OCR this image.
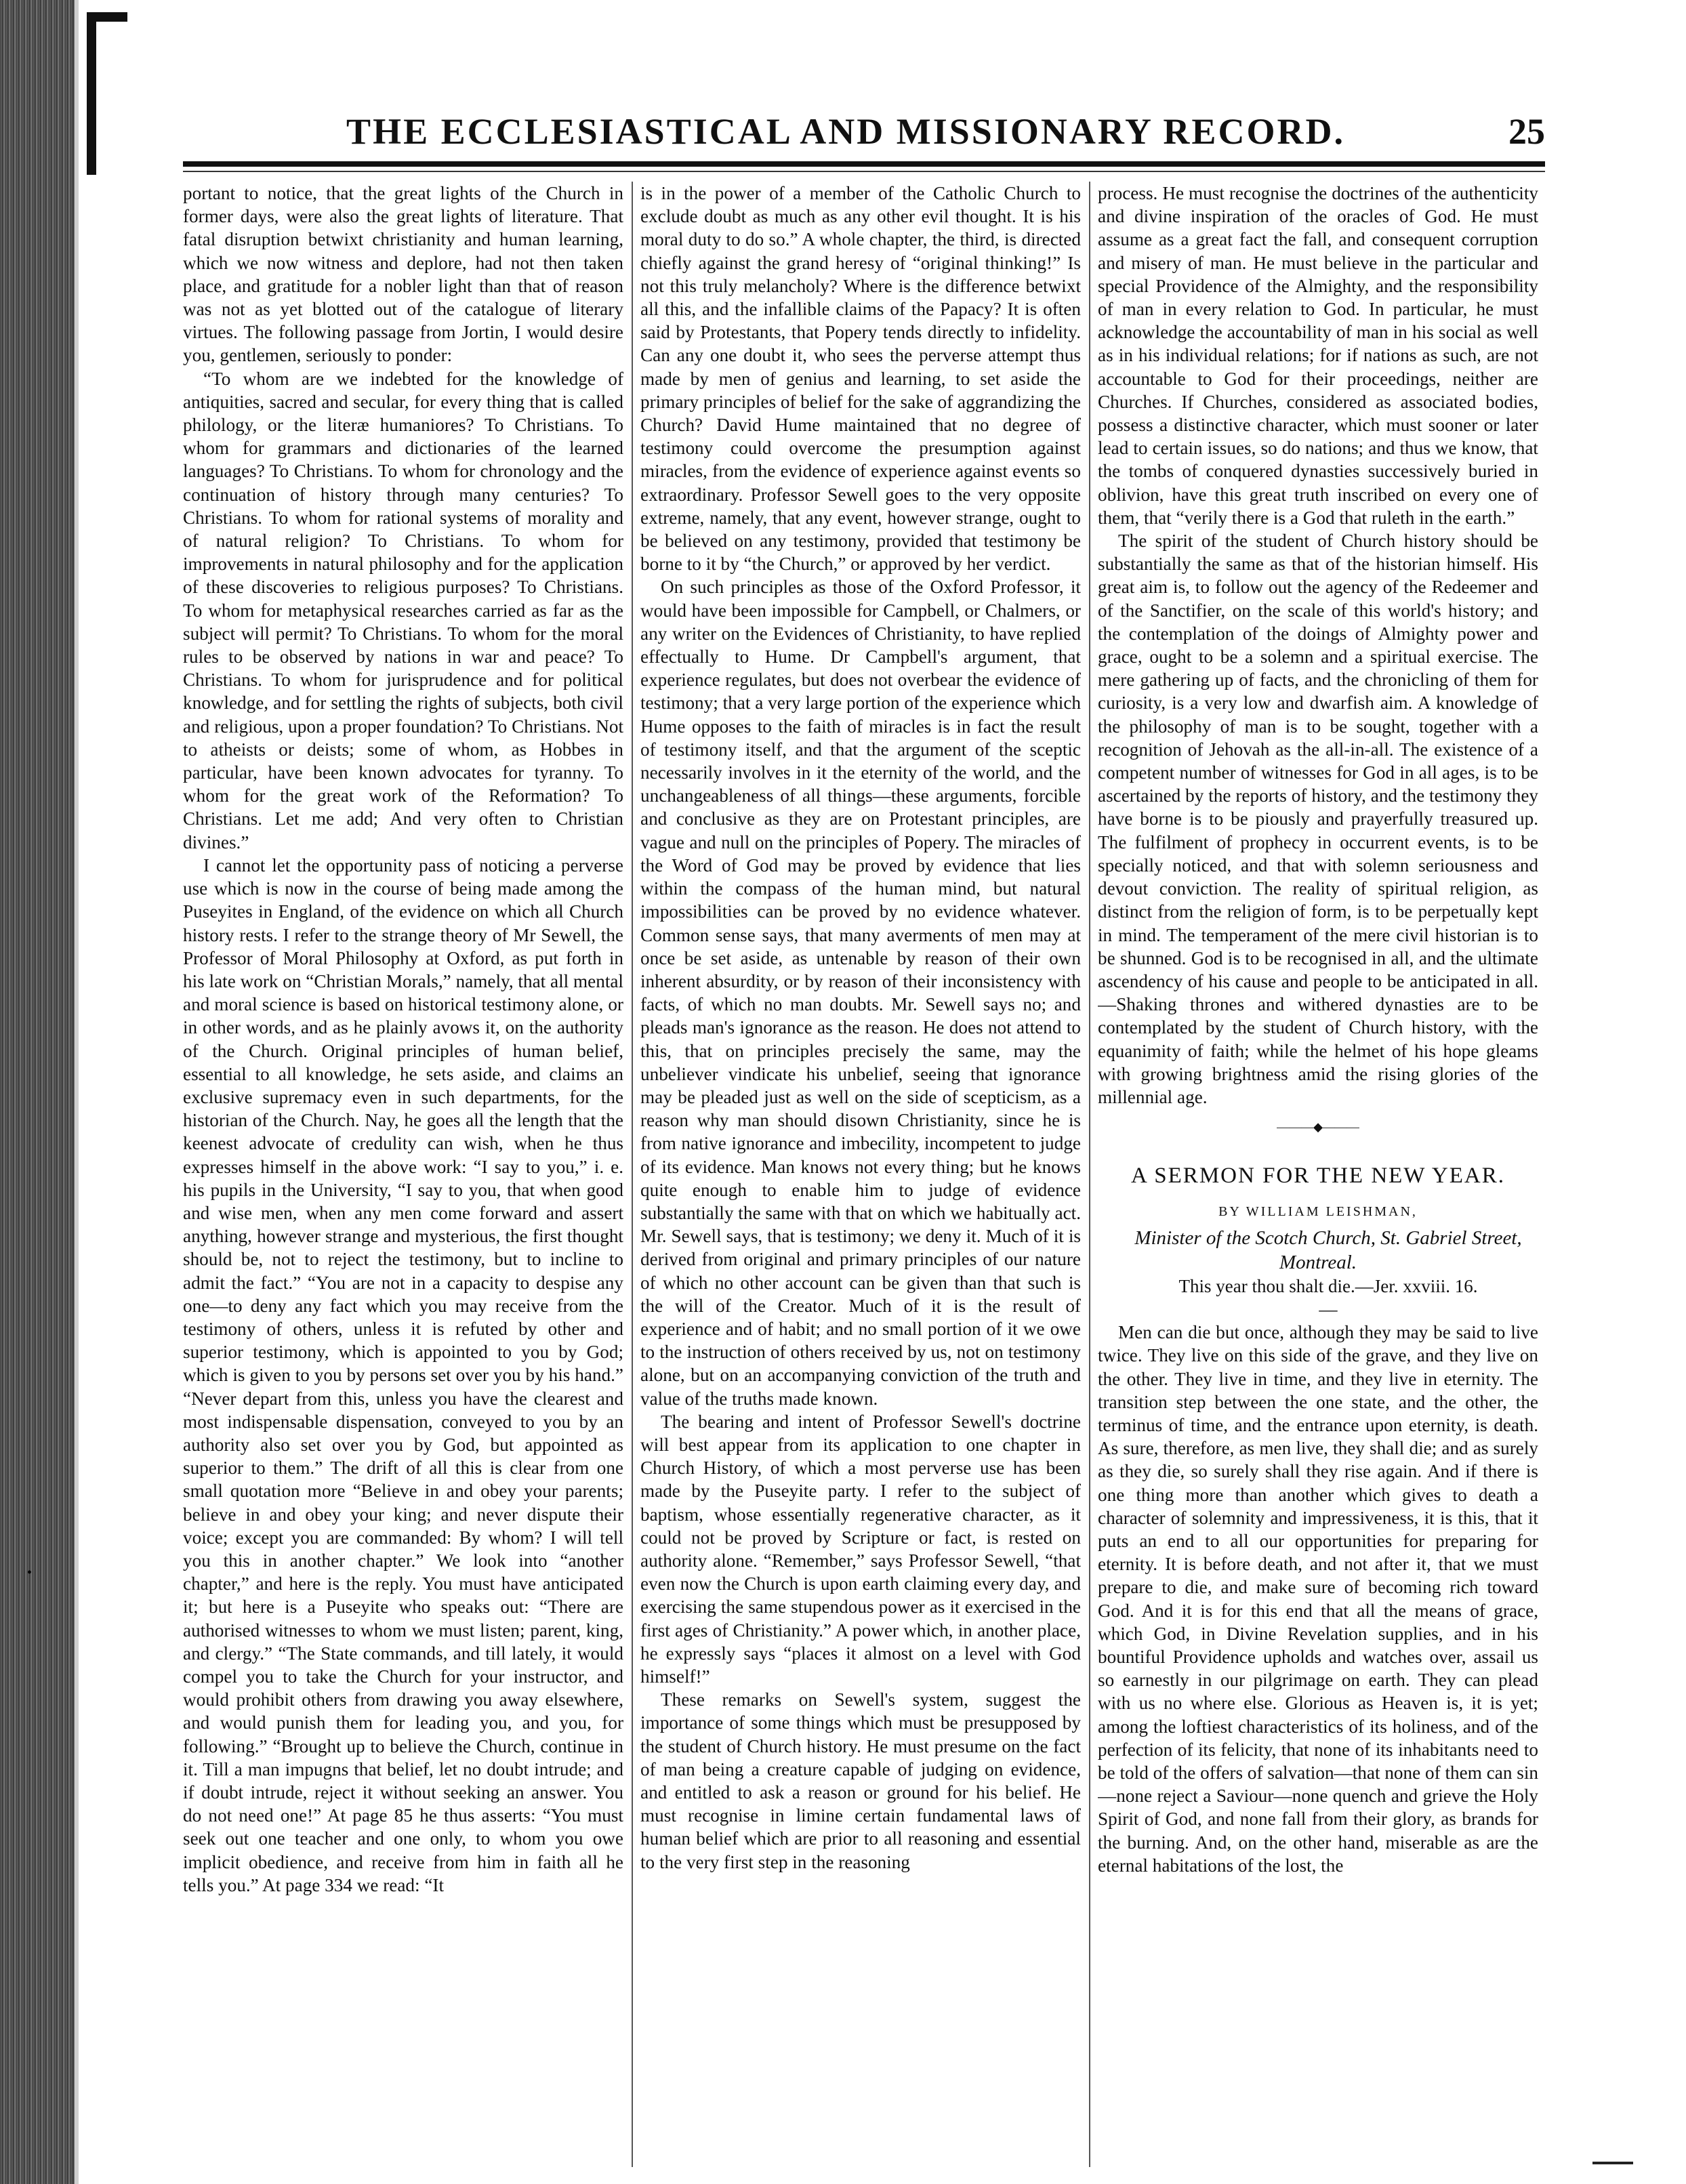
•
THE ECCLESIASTICAL AND MISSIONARY RECORD.	25

portant to notice, that the great lights of the Church in former days, were also the great lights of literature. That fatal disruption betwixt christianity and human learning, which we now witness and deplore, had not then taken place, and gratitude for a nobler light than that of reason was not as yet blotted out of the catalogue of literary virtues. The following passage from Jortin, I would desire you, gentlemen, seriously to ponder:

“To whom are we indebted for the knowledge of antiquities, sacred and secular, for every thing that is called philology, or the literæ humaniores? To Christians. To whom for grammars and dictionaries of the learned languages? To Christians. To whom for chronology and the continuation of history through many centuries? To Christians. To whom for rational systems of morality and of natural religion? To Christians. To whom for improvements in natural philosophy and for the application of these discoveries to religious purposes? To Christians. To whom for metaphysical researches carried as far as the subject will permit? To Christians. To whom for the moral rules to be observed by nations in war and peace? To Christians. To whom for jurisprudence and for political knowledge, and for settling the rights of subjects, both civil and religious, upon a proper foundation? To Christians. Not to atheists or deists; some of whom, as Hobbes in particular, have been known advocates for tyranny. To whom for the great work of the Reformation? To Christians. Let me add; And very often to Christian divines.”

I cannot let the opportunity pass of noticing a perverse use which is now in the course of being made among the Puseyites in England, of the evidence on which all Church history rests. I refer to the strange theory of Mr Sewell, the Professor of Moral Philosophy at Oxford, as put forth in his late work on “Christian Morals,” namely, that all mental and moral science is based on historical testimony alone, or in other words, and as he plainly avows it, on the authority of the Church. Original principles of human belief, essential to all knowledge, he sets aside, and claims an exclusive supremacy even in such departments, for the historian of the Church. Nay, he goes all the length that the keenest advocate of credulity can wish, when he thus expresses himself in the above work: “I say to you,” i. e. his pupils in the University, “I say to you, that when good and wise men, when any men come forward and assert anything, however strange and mysterious, the first thought should be, not to reject the testimony, but to incline to admit the fact.” “You are not in a capacity to despise any one—to deny any fact which you may receive from the testimony of others, unless it is refuted by other and superior testimony, which is appointed to you by God; which is given to you by persons set over you by his hand.” “Never depart from this, unless you have the clearest and most indispensable dispensation, conveyed to you by an authority also set over you by God, but appointed as superior to them.” The drift of all this is clear from one small quotation more “Believe in and obey your parents; believe in and obey your king; and never dispute their voice; except you are commanded: By whom? I will tell you this in another chapter.” We look into “another chapter,” and here is the reply. You must have anticipated it; but here is a Puseyite who speaks out: “There are authorised witnesses to whom we must listen; parent, king, and clergy.” “The State commands, and till lately, it would compel you to take the Church for your instructor, and would prohibit others from drawing you away elsewhere, and would punish them for leading you, and you, for following.” “Brought up to believe the Church, continue in it. Till a man impugns that belief, let no doubt intrude; and if doubt intrude, reject it without seeking an answer. You do not need one!” At page 85 he thus asserts: “You must seek out one teacher and one only, to whom you owe implicit obedience, and receive from him in faith all he tells you.” At page 334 we read: “It

is in the power of a member of the Catholic Church to exclude doubt as much as any other evil thought. It is his moral duty to do so.” A whole chapter, the third, is directed chiefly against the grand heresy of “original thinking!” Is not this truly melancholy? Where is the difference betwixt all this, and the infallible claims of the Papacy? It is often said by Protestants, that Popery tends directly to infidelity. Can any one doubt it, who sees the perverse attempt thus made by men of genius and learning, to set aside the primary principles of belief for the sake of aggrandizing the Church? David Hume maintained that no degree of testimony could overcome the presumption against miracles, from the evidence of experience against events so extraordinary. Professor Sewell goes to the very opposite extreme, namely, that any event, however strange, ought to be believed on any testimony, provided that testimony be borne to it by “the Church,” or approved by her verdict.

On such principles as those of the Oxford Professor, it would have been impossible for Campbell, or Chalmers, or any writer on the Evidences of Christianity, to have replied effectually to Hume. Dr Campbell's argument, that experience regulates, but does not overbear the evidence of testimony; that a very large portion of the experience which Hume opposes to the faith of miracles is in fact the result of testimony itself, and that the argument of the sceptic necessarily involves in it the eternity of the world, and the unchangeableness of all things—these arguments, forcible and conclusive as they are on Protestant principles, are vague and null on the principles of Popery. The miracles of the Word of God may be proved by evidence that lies within the compass of the human mind, but natural impossibilities can be proved by no evidence whatever. Common sense says, that many averments of men may at once be set aside, as untenable by reason of their own inherent absurdity, or by reason of their inconsistency with facts, of which no man doubts. Mr. Sewell says no; and pleads man's ignorance as the reason. He does not attend to this, that on principles precisely the same, may the unbeliever vindicate his unbelief, seeing that ignorance may be pleaded just as well on the side of scepticism, as a reason why man should disown Christianity, since he is from native ignorance and imbecility, incompetent to judge of its evidence. Man knows not every thing; but he knows quite enough to enable him to judge of evidence substantially the same with that on which we habitually act. Mr. Sewell says, that is testimony; we deny it. Much of it is derived from original and primary principles of our nature of which no other account can be given than that such is the will of the Creator. Much of it is the result of experience and of habit; and no small portion of it we owe to the instruction of others received by us, not on testimony alone, but on an accompanying conviction of the truth and value of the truths made known.

The bearing and intent of Professor Sewell's doctrine will best appear from its application to one chapter in Church History, of which a most perverse use has been made by the Puseyite party. I refer to the subject of baptism, whose essentially regenerative character, as it could not be proved by Scripture or fact, is rested on authority alone. “Remember,” says Professor Sewell, “that even now the Church is upon earth claiming every day, and exercising the same stupendous power as it exercised in the first ages of Christianity.” A power which, in another place, he expressly says “places it almost on a level with God himself!”

These remarks on Sewell's system, suggest the importance of some things which must be presupposed by the student of Church history. He must presume on the fact of man being a creature capable of judging on evidence, and entitled to ask a reason or ground for his belief. He must recognise in limine certain fundamental laws of human belief which are prior to all reasoning and essential to the very first step in the reasoning

process. He must recognise the doctrines of the authenticity and divine inspiration of the oracles of God. He must assume as a great fact the fall, and consequent corruption and misery of man. He must believe in the particular and special Providence of the Almighty, and the responsibility of man in every relation to God. In particular, he must acknowledge the accountability of man in his social as well as in his individual relations; for if nations as such, are not accountable to God for their proceedings, neither are Churches. If Churches, considered as associated bodies, possess a distinctive character, which must sooner or later lead to certain issues, so do nations; and thus we know, that the tombs of conquered dynasties successively buried in oblivion, have this great truth inscribed on every one of them, that “verily there is a God that ruleth in the earth.”

The spirit of the student of Church history should be substantially the same as that of the historian himself. His great aim is, to follow out the agency of the Redeemer and of the Sanctifier, on the scale of this world's history; and the contemplation of the doings of Almighty power and grace, ought to be a solemn and a spiritual exercise. The mere gathering up of facts, and the chronicling of them for curiosity, is a very low and dwarfish aim. A knowledge of the philosophy of man is to be sought, together with a recognition of Jehovah as the all-in-all. The existence of a competent number of witnesses for God in all ages, is to be ascertained by the reports of history, and the testimony they have borne is to be piously and prayerfully treasured up. The fulfilment of prophecy in occurrent events, is to be specially noticed, and that with solemn seriousness and devout conviction. The reality of spiritual religion, as distinct from the religion of form, is to be perpetually kept in mind. The temperament of the mere civil historian is to be shunned. God is to be recognised in all, and the ultimate ascendency of his cause and people to be anticipated in all.—Shaking thrones and withered dynasties are to be contemplated by the student of Church history, with the equanimity of faith; while the helmet of his hope gleams with growing brightness amid the rising glories of the millennial age.

———◆———
A SERMON FOR THE NEW YEAR.
BY WILLIAM LEISHMAN,

Minister of the Scotch Church, St. Gabriel Street, Montreal.

This year thou shalt die.—Jer. xxviii. 16.

—

Men can die but once, although they may be said to live twice. They live on this side of the grave, and they live on the other. They live in time, and they live in eternity. The transition step between the one state, and the other, the terminus of time, and the entrance upon eternity, is death. As sure, therefore, as men live, they shall die; and as surely as they die, so surely shall they rise again. And if there is one thing more than another which gives to death a character of solemnity and impressiveness, it is this, that it puts an end to all our opportunities for preparing for eternity. It is before death, and not after it, that we must prepare to die, and make sure of becoming rich toward God. And it is for this end that all the means of grace, which God, in Divine Revelation supplies, and in his bountiful Providence upholds and watches over, assail us so earnestly in our pilgrimage on earth. They can plead with us no where else. Glorious as Heaven is, it is yet; among the loftiest characteristics of its holiness, and of the perfection of its felicity, that none of its inhabitants need to be told of the offers of salvation—that none of them can sin—none reject a Saviour—none quench and grieve the Holy Spirit of God, and none fall from their glory, as brands for the burning. And, on the other hand, miserable as are the eternal habitations of the lost, the
